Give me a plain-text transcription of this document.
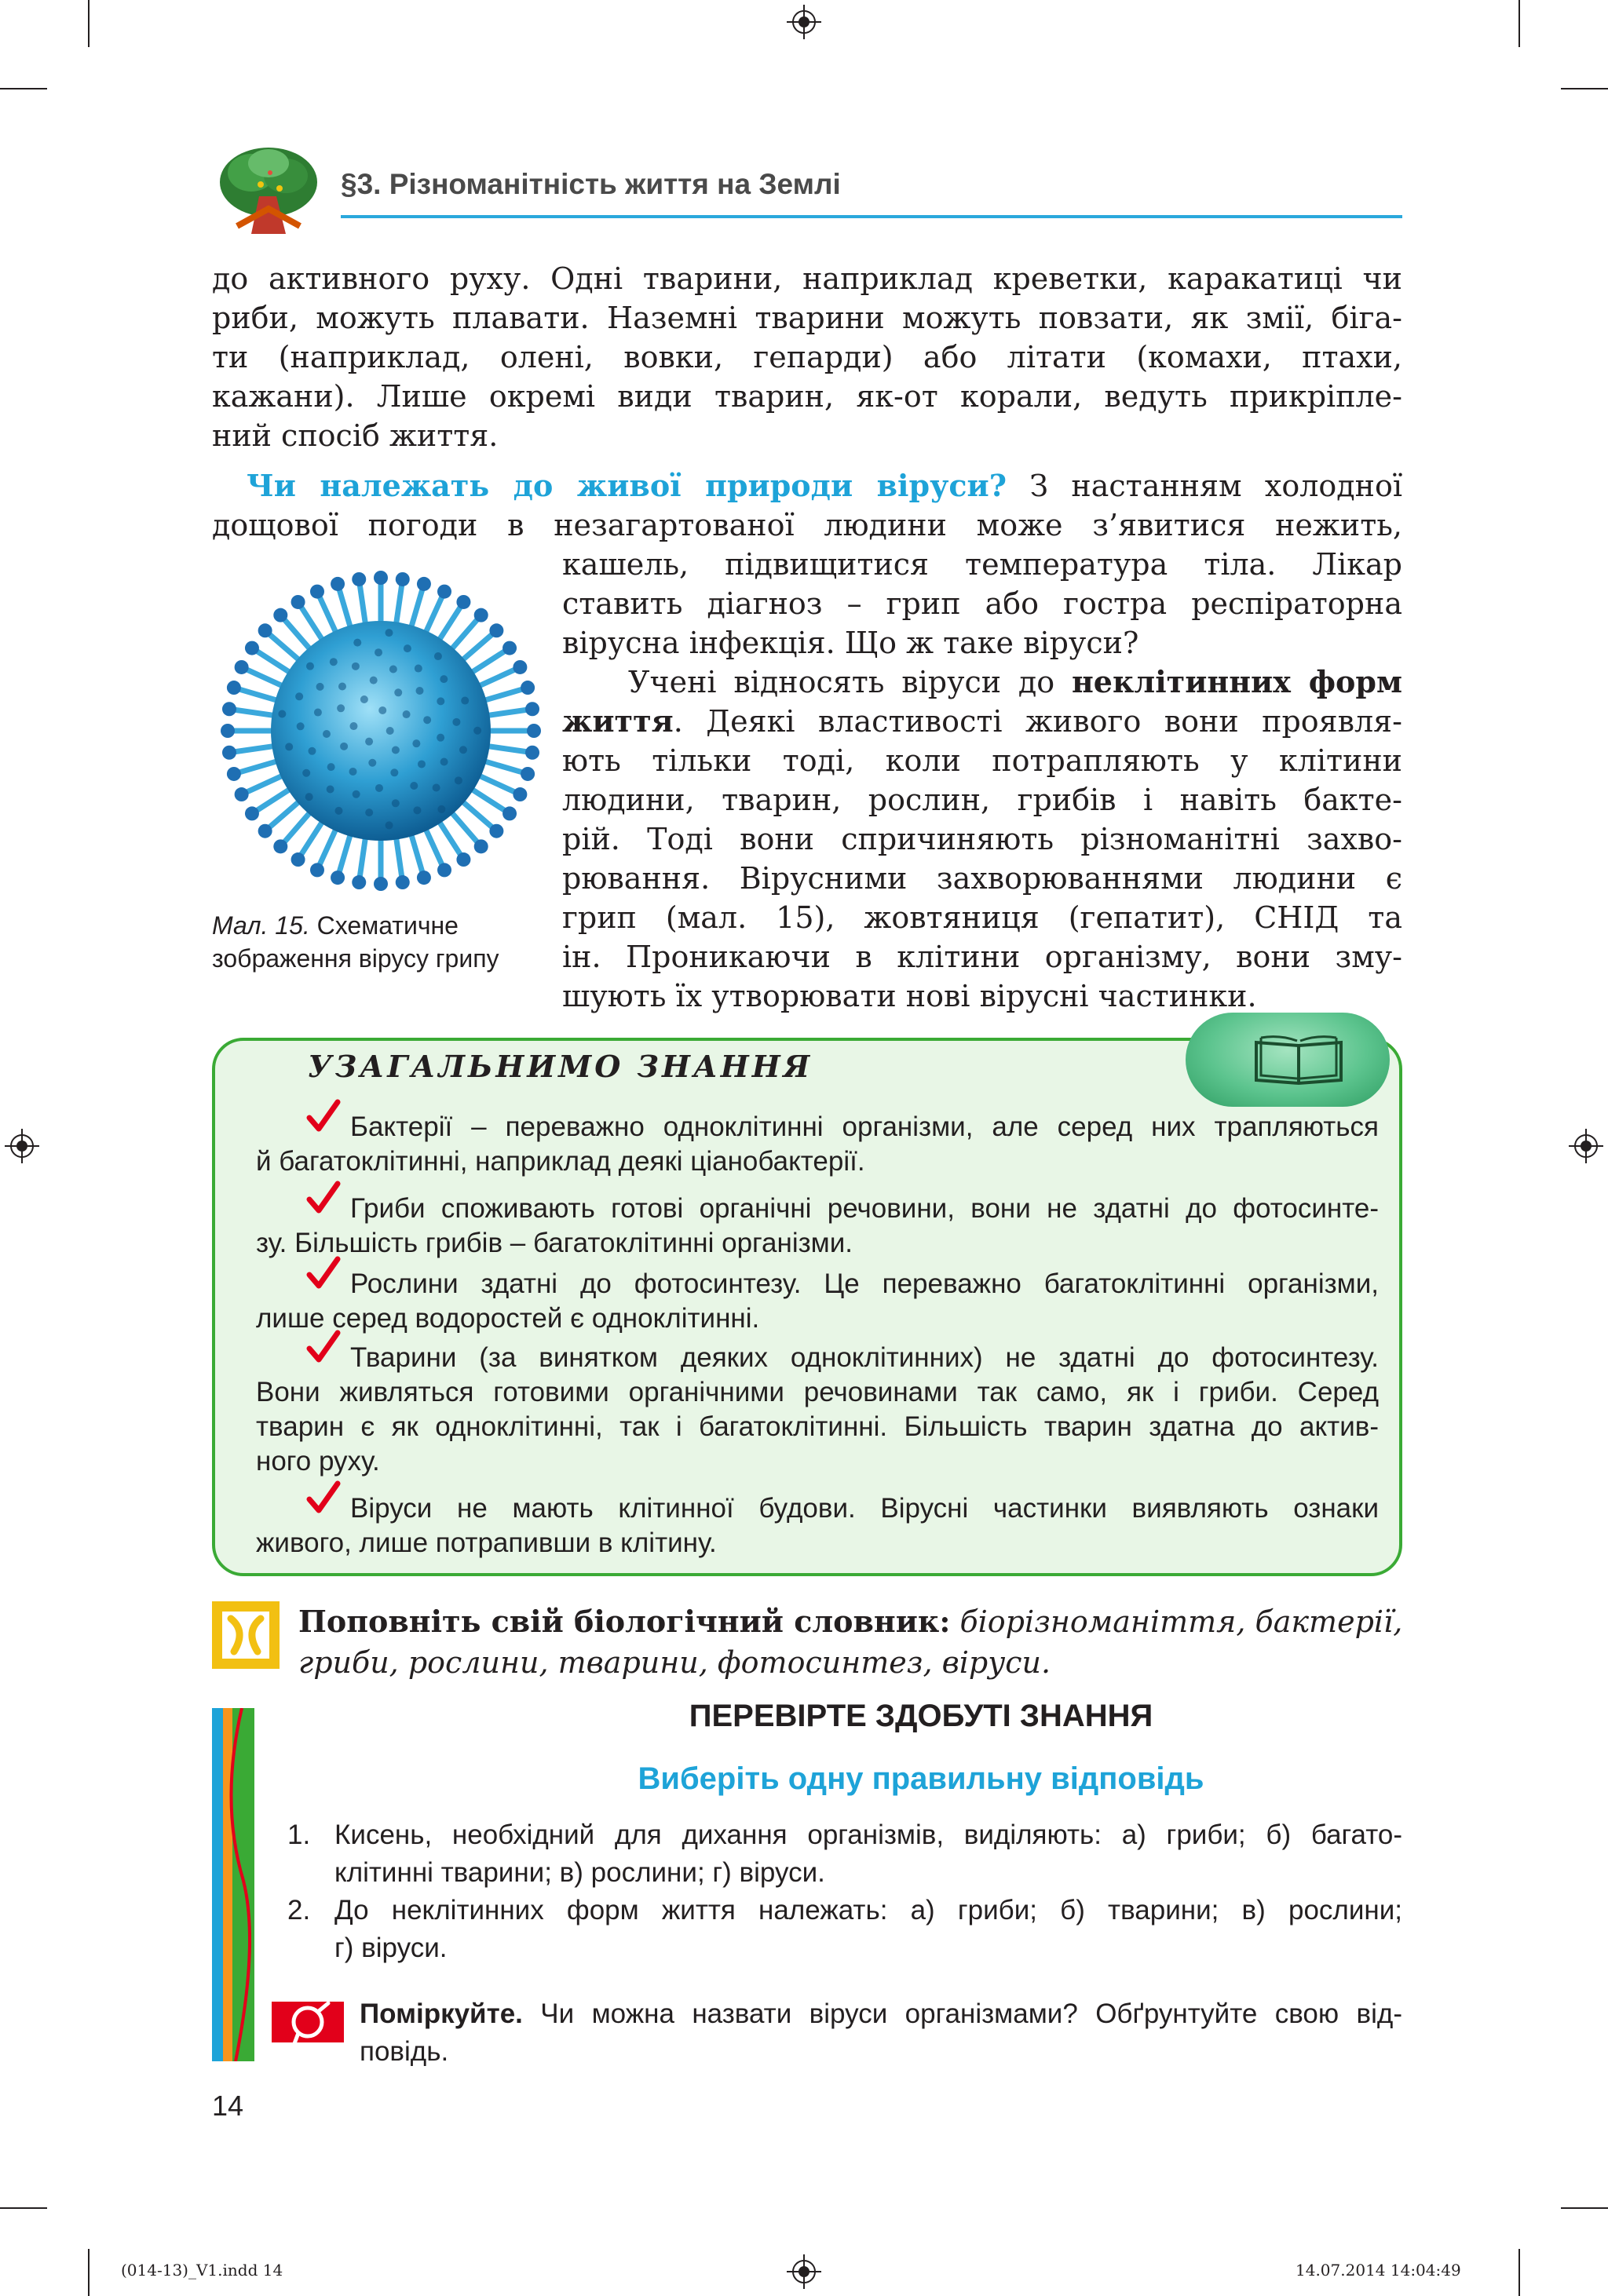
§3. Різноманітність життя на Землі
до активного руху. Одні тварини, наприклад креветки, каракатиці чи
риби, можуть плавати. Наземні тварини можуть повзати, як змії, біга-
ти (наприклад, олені, вовки, гепарди) або літати (комахи, птахи,
кажани). Лише окремі види тварин, як-от корали, ведуть прикріпле-
ний спосіб життя.
Чи належать до живої природи віруси? З настанням холодної
дощової погоди в незагартованої людини може з’явитися нежить,
Мал. 15. Схематичне
зображення вірусу грипу
кашель, підвищитися температура тіла. Лікар
ставить діагноз – грип або гостра респіраторна
вірусна інфекція. Що ж таке віруси?
Учені відносять віруси до неклітинних форм
життя. Деякі властивості живого вони проявля-
ють тільки тоді, коли потрапляють у клітини
людини, тварин, рослин, грибів і навіть бакте-
рій. Тоді вони спричиняють різноманітні захво-
рювання. Вірусними захворюваннями людини є
грип (мал. 15), жовтяниця (гепатит), СНІД та
ін. Проникаючи в клітини організму, вони зму-
шують їх утворювати нові вірусні частинки.
УЗАГАЛЬНИМО ЗНАННЯ
Бактерії – переважно одноклітинні організми, але серед них трапляються
й багатоклітинні, наприклад деякі ціанобактерії.
Гриби споживають готові органічні речовини, вони не здатні до фотосинте-
зу. Більшість грибів – багатоклітинні організми.
Рослини здатні до фотосинтезу. Це переважно багатоклітинні організми,
лише серед водоростей є одноклітинні.
Тварини (за винятком деяких одноклітинних) не здатні до фотосинтезу.
Вони живляться готовими органічними речовинами так само, як і гриби. Серед
тварин є як одноклітинні, так і багатоклітинні. Більшість тварин здатна до актив-
ного руху.
Віруси не мають клітинної будови. Вірусні частинки виявляють ознаки
живого, лише потрапивши в клітину.
Поповніть свій біологічний словник: біорізноманіття, бактерії,
гриби, рослини, тварини, фотосинтез, віруси.
ПЕРЕВІРТЕ ЗДОБУТІ ЗНАННЯ
Виберіть одну правильну відповідь
1. Кисень, необхідний для дихання організмів, виділяють: а) гриби; б) багато-
клітинні тварини; в) рослини; г) віруси.
2. До неклітинних форм життя належать: а) гриби; б) тварини; в) рослини;
г) віруси.
Поміркуйте. Чи можна назвати віруси організмами? Обґрунтуйте свою від-
повідь.
14
(014-13)_V1.indd 14	14.07.2014 14:04:49
